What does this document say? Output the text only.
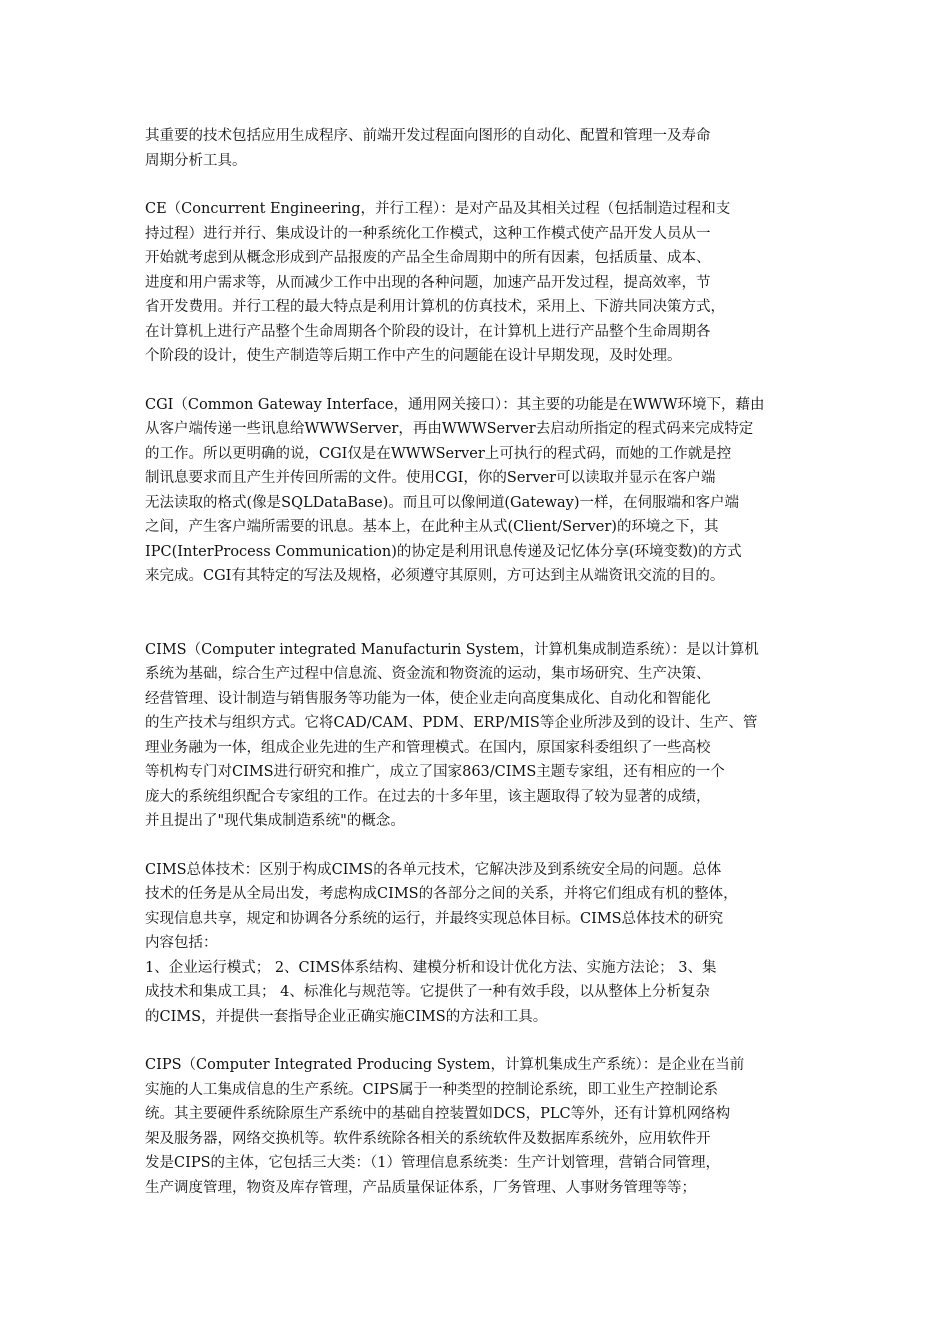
其重要的技术包括应用生成程序、前端开发过程面向图形的自动化、配置和管理一及寿命
周期分析工具。
CE（Concurrent Engineering，并行工程）：是对产品及其相关过程（包括制造过程和支
持过程）进行并行、集成设计的一种系统化工作模式，这种工作模式使产品开发人员从一
开始就考虑到从概念形成到产品报废的产品全生命周期中的所有因素，包括质量、成本、
进度和用户需求等，从而减少工作中出现的各种问题，加速产品开发过程，提高效率，节
省开发费用。并行工程的最大特点是利用计算机的仿真技术，采用上、下游共同决策方式，
在计算机上进行产品整个生命周期各个阶段的设计，在计算机上进行产品整个生命周期各
个阶段的设计，使生产制造等后期工作中产生的问题能在设计早期发现，及时处理。
CGI（Common Gateway Interface，通用网关接口）：其主要的功能是在WWW环境下，藉由
从客户端传递一些讯息给WWWServer，再由WWWServer去启动所指定的程式码来完成特定
的工作。所以更明确的说，CGI仅是在WWWServer上可执行的程式码，而她的工作就是控
制讯息要求而且产生并传回所需的文件。使用CGI，你的Server可以读取并显示在客户端
无法读取的格式(像是SQLDataBase)。而且可以像闸道(Gateway)一样，在伺服端和客户端
之间，产生客户端所需要的讯息。基本上，在此种主从式(Client/Server)的环境之下，其
IPC(InterProcess Communication)的协定是利用讯息传递及记忆体分享(环境变数)的方式
来完成。CGI有其特定的写法及规格，必须遵守其原则，方可达到主从端资讯交流的目的。
CIMS（Computer integrated Manufacturin System，计算机集成制造系统）：是以计算机
系统为基础，综合生产过程中信息流、资金流和物资流的运动，集市场研究、生产决策、
经营管理、设计制造与销售服务等功能为一体，使企业走向高度集成化、自动化和智能化
的生产技术与组织方式。它将CAD/CAM、PDM、ERP/MIS等企业所涉及到的设计、生产、管
理业务融为一体，组成企业先进的生产和管理模式。在国内，原国家科委组织了一些高校
等机构专门对CIMS进行研究和推广，成立了国家863/CIMS主题专家组，还有相应的一个
庞大的系统组织配合专家组的工作。在过去的十多年里，该主题取得了较为显著的成绩，
并且提出了"现代集成制造系统"的概念。
CIMS总体技术：区别于构成CIMS的各单元技术，它解决涉及到系统安全局的问题。总体
技术的任务是从全局出发，考虑构成CIMS的各部分之间的关系，并将它们组成有机的整体，
实现信息共享，规定和协调各分系统的运行，并最终实现总体目标。CIMS总体技术的研究
内容包括：
1、企业运行模式； 2、CIMS体系结构、建模分析和设计优化方法、实施方法论； 3、集
成技术和集成工具； 4、标准化与规范等。它提供了一种有效手段，以从整体上分析复杂
的CIMS，并提供一套指导企业正确实施CIMS的方法和工具。
CIPS（Computer Integrated Producing System，计算机集成生产系统）：是企业在当前
实施的人工集成信息的生产系统。CIPS属于一种类型的控制论系统，即工业生产控制论系
统。其主要硬件系统除原生产系统中的基础自控装置如DCS，PLC等外，还有计算机网络构
架及服务器，网络交换机等。软件系统除各相关的系统软件及数据库系统外，应用软件开
发是CIPS的主体，它包括三大类：（1）管理信息系统类：生产计划管理，营销合同管理，
生产调度管理，物资及库存管理，产品质量保证体系，厂务管理、人事财务管理等等；
